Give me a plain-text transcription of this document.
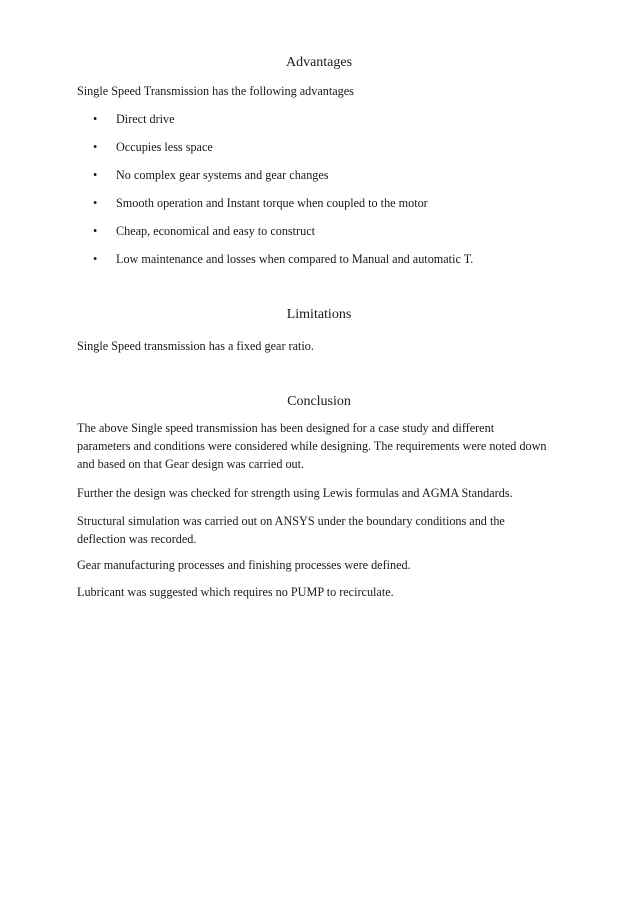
Advantages

Single Speed Transmission has the following advantages

• Direct drive
• Occupies less space
• No complex gear systems and gear changes
• Smooth operation and Instant torque when coupled to the motor
• Cheap, economical and easy to construct
• Low maintenance and losses when compared to Manual and automatic T.
Limitations

Single Speed transmission has a fixed gear ratio.

Conclusion

The above Single speed transmission has been designed for a case study and different parameters and conditions were considered while designing. The requirements were noted down and based on that Gear design was carried out.

Further the design was checked for strength using Lewis formulas and AGMA Standards.

Structural simulation was carried out on ANSYS under the boundary conditions and the deflection was recorded.

Gear manufacturing processes and finishing processes were defined.

Lubricant was suggested which requires no PUMP to recirculate.
